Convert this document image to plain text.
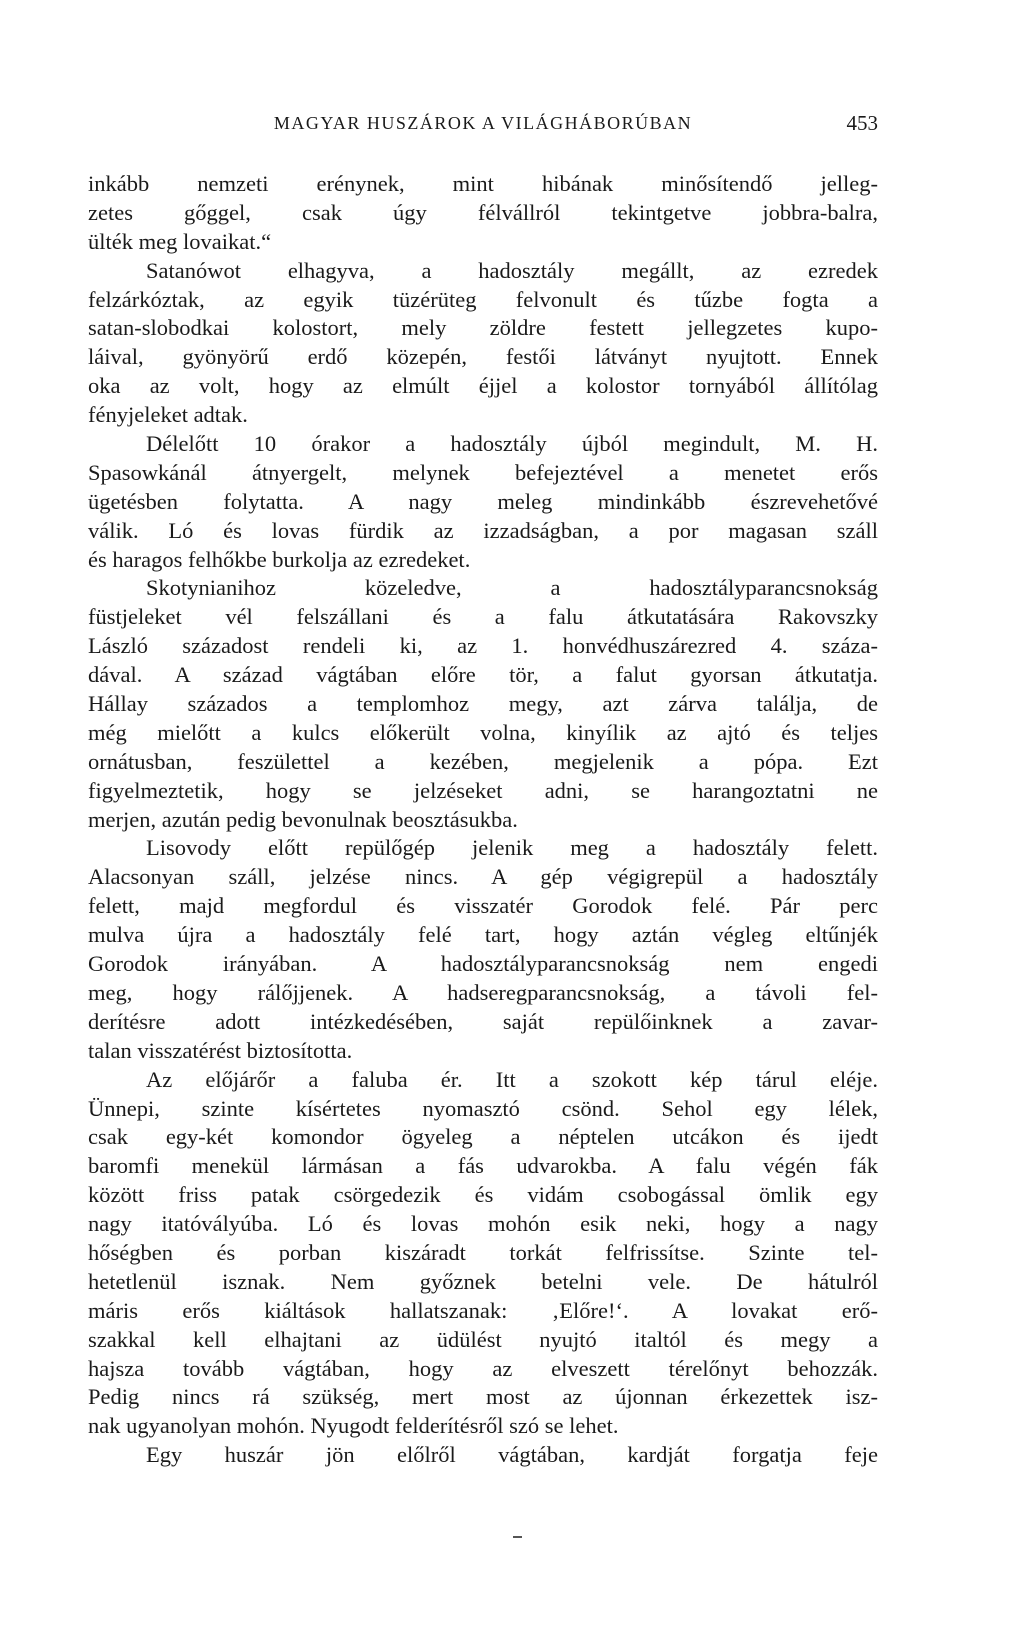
MAGYAR HUSZÁROK A VILÁGHÁBORÚBAN	453
inkább nemzeti erénynek, mint hibának minősítendő jelleg-
zetes gőggel, csak úgy félvállról tekintgetve jobbra-balra,
ülték meg lovaikat.“
Satanówot elhagyva, a hadosztály megállt, az ezredek
felzárkóztak, az egyik tüzérüteg felvonult és tűzbe fogta a
satan-slobodkai kolostort, mely zöldre festett jellegzetes kupo-
láival, gyönyörű erdő közepén, festői látványt nyujtott. Ennek
oka az volt, hogy az elmúlt éjjel a kolostor tornyából állítólag
fényjeleket adtak.
Délelőtt 10 órakor a hadosztály újból megindult, M. H.
Spasowkánál átnyergelt, melynek befejeztével a menetet erős
ügetésben folytatta. A nagy meleg mindinkább észrevehetővé
válik. Ló és lovas fürdik az izzadságban, a por magasan száll
és haragos felhőkbe burkolja az ezredeket.
Skotynianihoz közeledve, a hadosztályparancsnokság
füstjeleket vél felszállani és a falu átkutatására Rakovszky
László századost rendeli ki, az 1. honvédhuszárezred 4. száza-
dával. A század vágtában előre tör, a falut gyorsan átkutatja.
Hállay százados a templomhoz megy, azt zárva találja, de
még mielőtt a kulcs előkerült volna, kinyílik az ajtó és teljes
ornátusban, feszülettel a kezében, megjelenik a pópa. Ezt
figyelmeztetik, hogy se jelzéseket adni, se harangoztatni ne
merjen, azután pedig bevonulnak beosztásukba.
Lisovody előtt repülőgép jelenik meg a hadosztály felett.
Alacsonyan száll, jelzése nincs. A gép végigrepül a hadosztály
felett, majd megfordul és visszatér Gorodok felé. Pár perc
mulva újra a hadosztály felé tart, hogy aztán végleg eltűnjék
Gorodok irányában. A hadosztályparancsnokság nem engedi
meg, hogy rálőjjenek. A hadseregparancsnokság, a távoli fel-
derítésre adott intézkedésében, saját repülőinknek a zavar-
talan visszatérést biztosította.
Az előjárőr a faluba ér. Itt a szokott kép tárul eléje.
Ünnepi, szinte kísértetes nyomasztó csönd. Sehol egy lélek,
csak egy-két komondor ögyeleg a néptelen utcákon és ijedt
baromfi menekül lármásan a fás udvarokba. A falu végén fák
között friss patak csörgedezik és vidám csobogással ömlik egy
nagy itatóvályúba. Ló és lovas mohón esik neki, hogy a nagy
hőségben és porban kiszáradt torkát felfrissítse. Szinte tel-
hetetlenül isznak. Nem győznek betelni vele. De hátulról
máris erős kiáltások hallatszanak: ‚Előre!‘. A lovakat erő-
szakkal kell elhajtani az üdülést nyujtó italtól és megy a
hajsza tovább vágtában, hogy az elveszett térelőnyt behozzák.
Pedig nincs rá szükség, mert most az újonnan érkezettek isz-
nak ugyanolyan mohón. Nyugodt felderítésről szó se lehet.
Egy huszár jön előlről vágtában, kardját forgatja feje
